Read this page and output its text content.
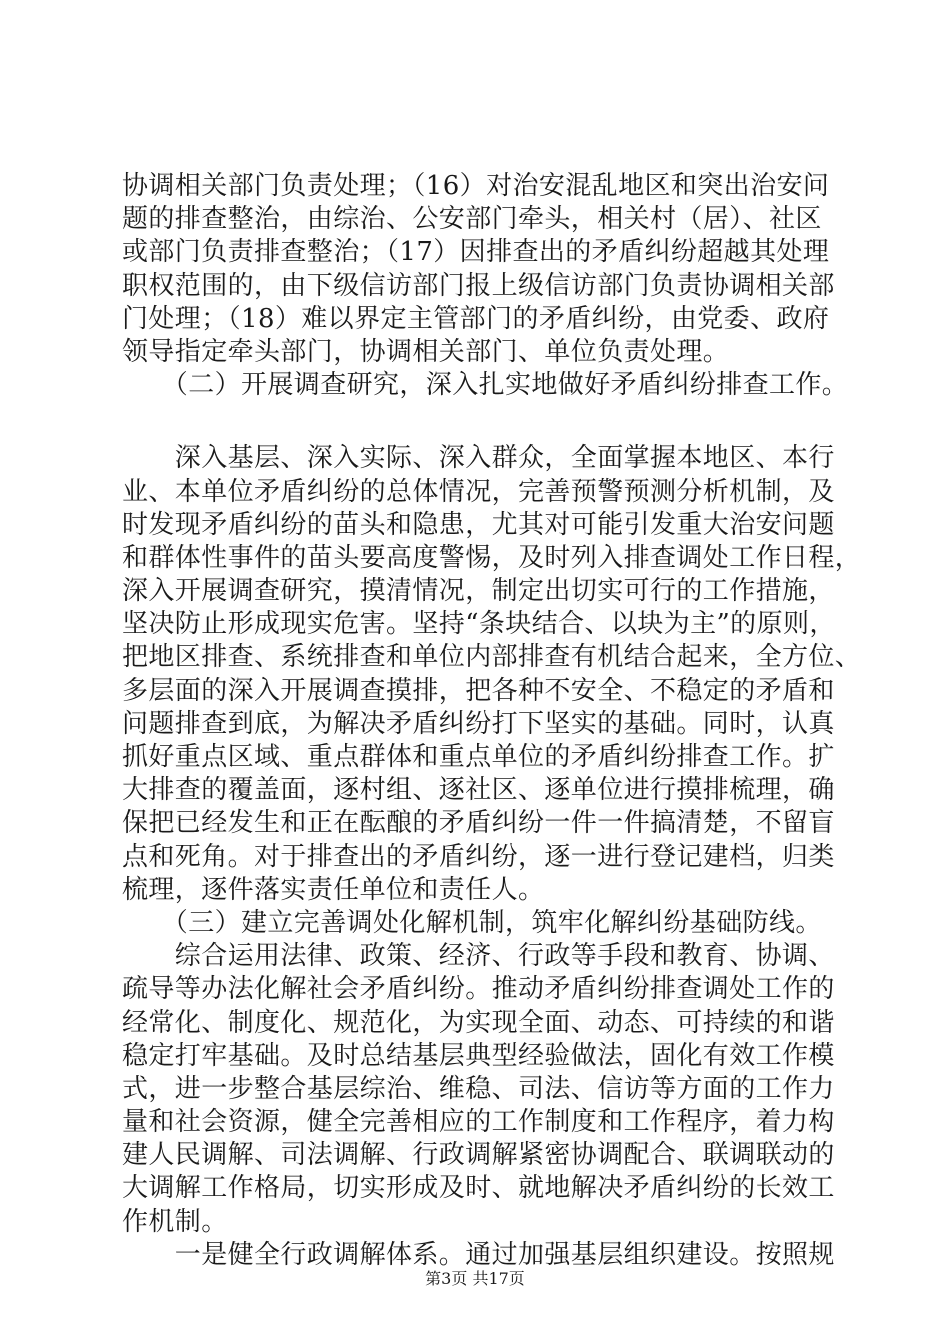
协调相关部门负责处理；（16）对治安混乱地区和突出治安问
题的排查整治，由综治、公安部门牵头，相关村（居）、社区
或部门负责排查整治；（17）因排查出的矛盾纠纷超越其处理
职权范围的，由下级信访部门报上级信访部门负责协调相关部
门处理；（18）难以界定主管部门的矛盾纠纷，由党委、政府
领导指定牵头部门，协调相关部门、单位负责处理。
　　（二）开展调查研究，深入扎实地做好矛盾纠纷排查工作。
　　深入基层、深入实际、深入群众，全面掌握本地区、本行
业、本单位矛盾纠纷的总体情况，完善预警预测分析机制，及
时发现矛盾纠纷的苗头和隐患，尤其对可能引发重大治安问题
和群体性事件的苗头要高度警惕，及时列入排查调处工作日程，
深入开展调查研究，摸清情况，制定出切实可行的工作措施，
坚决防止形成现实危害。坚持“条块结合、以块为主”的原则，
把地区排查、系统排查和单位内部排查有机结合起来，全方位、
多层面的深入开展调查摸排，把各种不安全、不稳定的矛盾和
问题排查到底，为解决矛盾纠纷打下坚实的基础。同时，认真
抓好重点区域、重点群体和重点单位的矛盾纠纷排查工作。扩
大排查的覆盖面，逐村组、逐社区、逐单位进行摸排梳理，确
保把已经发生和正在酝酿的矛盾纠纷一件一件搞清楚，不留盲
点和死角。对于排查出的矛盾纠纷，逐一进行登记建档，归类
梳理，逐件落实责任单位和责任人。
　　（三）建立完善调处化解机制，筑牢化解纠纷基础防线。
　　综合运用法律、政策、经济、行政等手段和教育、协调、
疏导等办法化解社会矛盾纠纷。推动矛盾纠纷排查调处工作的
经常化、制度化、规范化，为实现全面、动态、可持续的和谐
稳定打牢基础。及时总结基层典型经验做法，固化有效工作模
式，进一步整合基层综治、维稳、司法、信访等方面的工作力
量和社会资源，健全完善相应的工作制度和工作程序，着力构
建人民调解、司法调解、行政调解紧密协调配合、联调联动的
大调解工作格局，切实形成及时、就地解决矛盾纠纷的长效工
作机制。
　　一是健全行政调解体系。通过加强基层组织建设。按照规
第3页 共17页
